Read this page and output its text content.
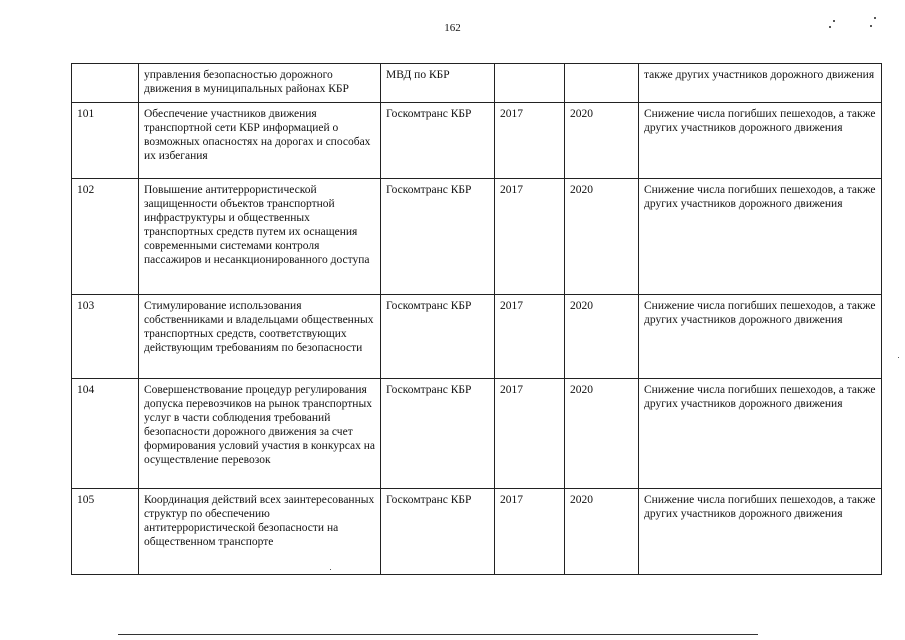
162
	управления безопасностью дорожного движения в муниципальных районах КБР	МВД по КБР			также других участников дорожного движения
101	Обеспечение участников движения транспортной сети КБР информацией о возможных опасностях на дорогах и способах их избегания	Госкомтранс КБР	2017	2020	Снижение числа погибших пешеходов, а также других участников дорожного движения
102	Повышение антитеррористической защищенности объектов транспортной инфраструктуры и общественных транспортных средств путем их оснащения современными системами контроля пассажиров и несанкционированного доступа	Госкомтранс КБР	2017	2020	Снижение числа погибших пешеходов, а также других участников дорожного движения
103	Стимулирование использования собственниками и владельцами общественных транспортных средств, соответствующих действующим требованиям по безопасности	Госкомтранс КБР	2017	2020	Снижение числа погибших пешеходов, а также других участников дорожного движения
104	Совершенствование процедур регулирования допуска перевозчиков на рынок транспортных услуг в части соблюдения требований безопасности дорожного движения за счет формирования условий участия в конкурсах на осуществление перевозок	Госкомтранс КБР	2017	2020	Снижение числа погибших пешеходов, а также других участников дорожного движения
105	Координация действий всех заинтересованных структур по обеспечению антитеррористической безопасности на общественном транспорте	Госкомтранс КБР	2017	2020	Снижение числа погибших пешеходов, а также других участников дорожного движения
